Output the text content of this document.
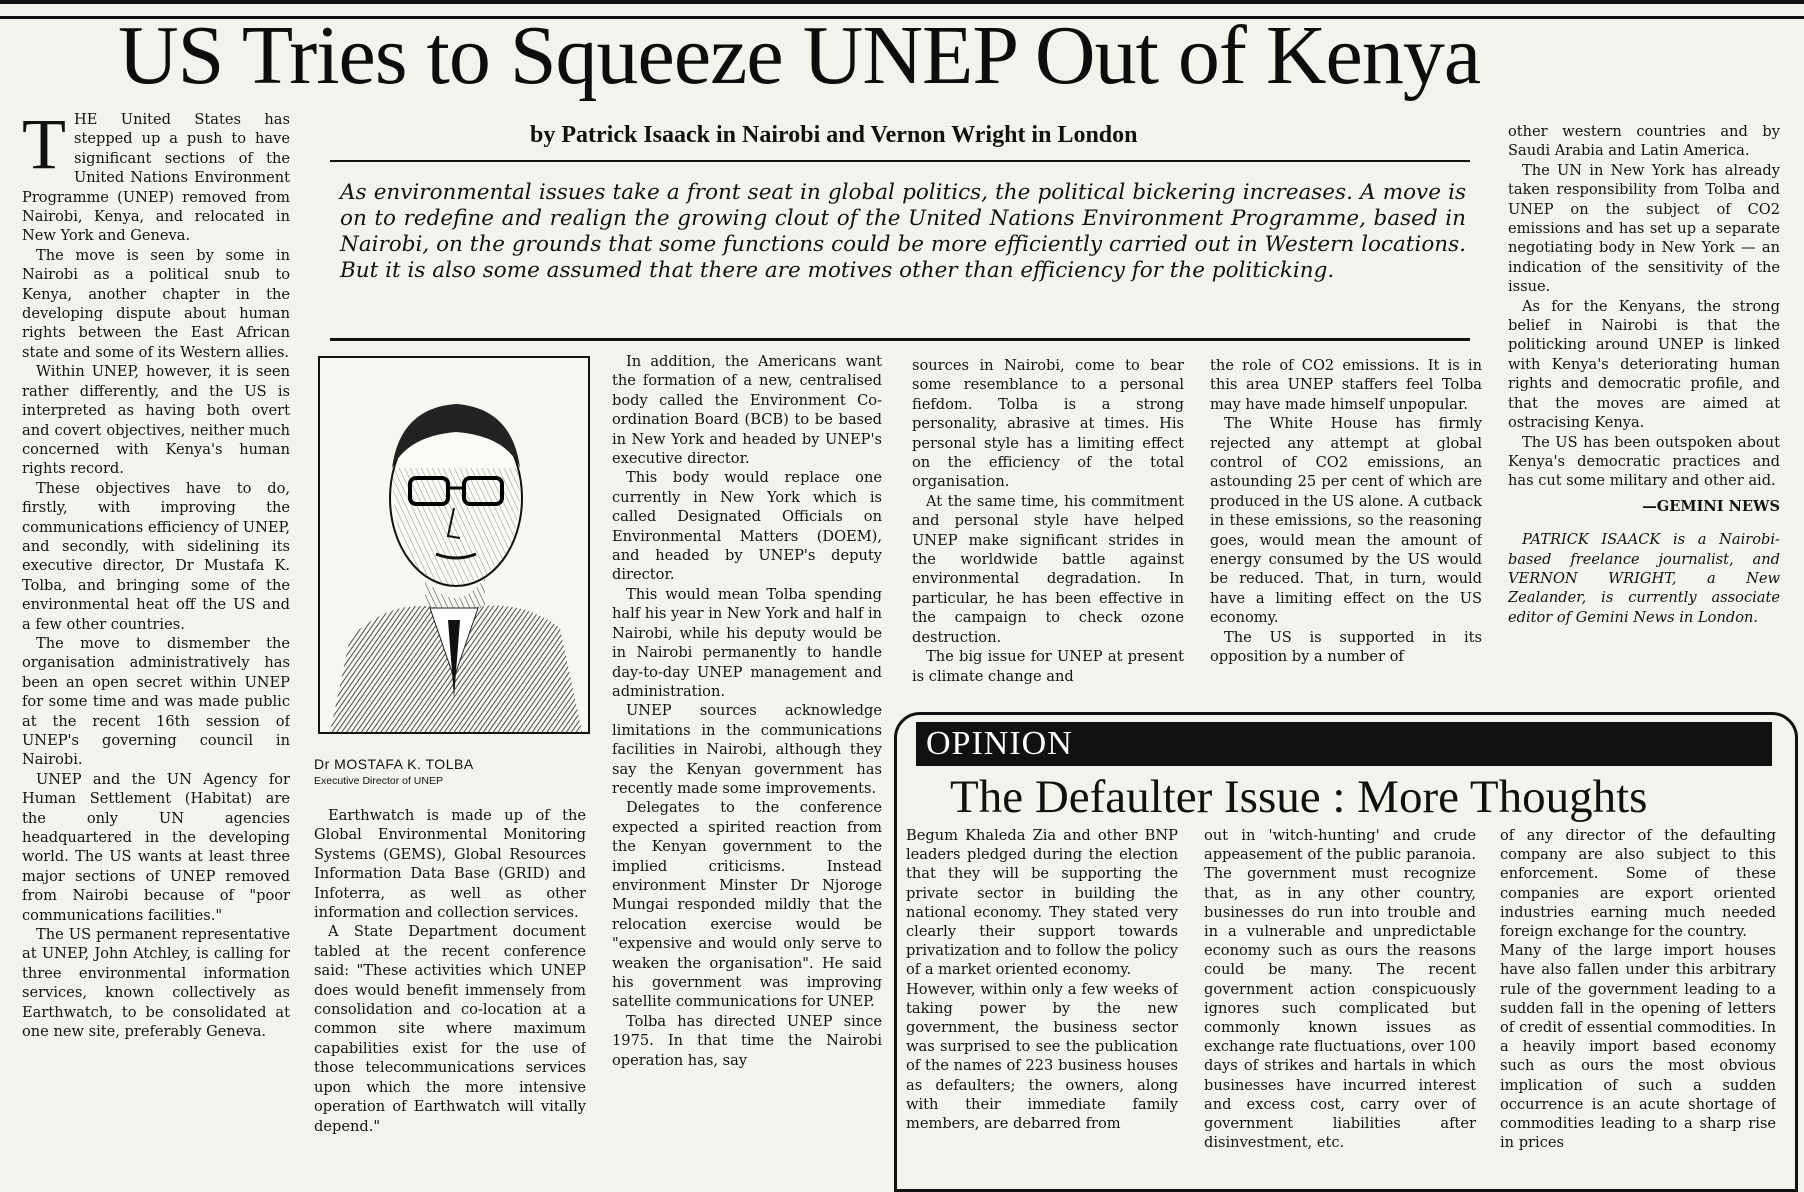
US Tries to Squeeze UNEP Out of Kenya
by Patrick Isaack in Nairobi and Vernon Wright in London
As environmental issues take a front seat in global politics, the political bickering increases. A move is on to redefine and realign the growing clout of the United Nations Environment Programme, based in Nairobi, on the grounds that some functions could be more efficiently carried out in Western locations. But it is also some assumed that there are motives other than efficiency for the politicking.
T HE United States has stepped up a push to have significant sections of the United Nations Environment Programme (UNEP) removed from Nairobi, Kenya, and relocated in New York and Geneva.

The move is seen by some in Nairobi as a political snub to Kenya, another chapter in the developing dispute about human rights between the East African state and some of its Western allies.

Within UNEP, however, it is seen rather differently, and the US is interpreted as having both overt and covert objectives, neither much concerned with Kenya's human rights record.

These objectives have to do, firstly, with improving the communications efficiency of UNEP, and secondly, with sidelining its executive director, Dr Mustafa K. Tolba, and bringing some of the environmental heat off the US and a few other countries.

The move to dismember the organisation administratively has been an open secret within UNEP for some time and was made public at the recent 16th session of UNEP's governing council in Nairobi.

UNEP and the UN Agency for Human Settlement (Habitat) are the only UN agencies headquartered in the developing world. The US wants at least three major sections of UNEP removed from Nairobi because of "poor communications facilities."

The US permanent representative at UNEP, John Atchley, is calling for three environmental information services, known collectively as Earthwatch, to be consolidated at one new site, preferably Geneva.

Dr MOSTAFA K. TOLBA
Executive Director of UNEP

Earthwatch is made up of the Global Environmental Monitoring Systems (GEMS), Global Resources Information Data Base (GRID) and Infoterra, as well as other information and collection services.

A State Department document tabled at the recent conference said: "These activities which UNEP does would benefit immensely from consolidation and co-location at a common site where maximum capabilities exist for the use of those telecommunications services upon which the more intensive operation of Earthwatch will vitally depend."

In addition, the Americans want the formation of a new, centralised body called the Environment Co-ordination Board (BCB) to be based in New York and headed by UNEP's executive director.

This body would replace one currently in New York which is called Designated Officials on Environmental Matters (DOEM), and headed by UNEP's deputy director.

This would mean Tolba spending half his year in New York and half in Nairobi, while his deputy would be in Nairobi permanently to handle day-to-day UNEP management and administration.

UNEP sources acknowledge limitations in the communications facilities in Nairobi, although they say the Kenyan government has recently made some improvements.

Delegates to the conference expected a spirited reaction from the Kenyan government to the implied criticisms. Instead environment Minster Dr Njoroge Mungai responded mildly that the relocation exercise would be "expensive and would only serve to weaken the organisation". He said his government was improving satellite communications for UNEP.

Tolba has directed UNEP since 1975. In that time the Nairobi operation has, say

sources in Nairobi, come to bear some resemblance to a personal fiefdom. Tolba is a strong personality, abrasive at times. His personal style has a limiting effect on the efficiency of the total organisation.

At the same time, his commitment and personal style have helped UNEP make significant strides in the worldwide battle against environmental degradation. In particular, he has been effective in the campaign to check ozone destruction.

The big issue for UNEP at present is climate change and

the role of CO2 emissions. It is in this area UNEP staffers feel Tolba may have made himself unpopular.

The White House has firmly rejected any attempt at global control of CO2 emissions, an astounding 25 per cent of which are produced in the US alone. A cutback in these emissions, so the reasoning goes, would mean the amount of energy consumed by the US would be reduced. That, in turn, would have a limiting effect on the US economy.

The US is supported in its opposition by a number of

other western countries and by Saudi Arabia and Latin America.

The UN in New York has already taken responsibility from Tolba and UNEP on the subject of CO2 emissions and has set up a separate negotiating body in New York — an indication of the sensitivity of the issue.

As for the Kenyans, the strong belief in Nairobi is that the politicking around UNEP is linked with Kenya's deteriorating human rights and democratic profile, and that the moves are aimed at ostracising Kenya.

The US has been outspoken about Kenya's democratic practices and has cut some military and other aid.

—GEMINI NEWS

PATRICK ISAACK is a Nairobi-based freelance journalist, and VERNON WRIGHT, a New Zealander, is currently associate editor of Gemini News in London.

OPINION
The Defaulter Issue : More Thoughts

Begum Khaleda Zia and other BNP leaders pledged during the election that they will be supporting the private sector in building the national economy. They stated very clearly their support towards privatization and to follow the policy of a market oriented economy.

However, within only a few weeks of taking power by the new government, the business sector was surprised to see the publication of the names of 223 business houses as defaulters; the owners, along with their immediate family members, are debarred from

out in 'witch-hunting' and crude appeasement of the public paranoia. The government must recognize that, as in any other country, businesses do run into trouble and in a vulnerable and unpredictable economy such as ours the reasons could be many. The recent government action conspicuously ignores such complicated but commonly known issues as exchange rate fluctuations, over 100 days of strikes and hartals in which businesses have incurred interest and excess cost, carry over of government liabilities after disinvestment, etc.

of any director of the defaulting company are also subject to this enforcement. Some of these companies are export oriented industries earning much needed foreign exchange for the country.

Many of the large import houses have also fallen under this arbitrary rule of the government leading to a sudden fall in the opening of letters of credit of essential commodities. In a heavily import based economy such as ours the most obvious implication of such a sudden occurrence is an acute shortage of commodities leading to a sharp rise in prices
